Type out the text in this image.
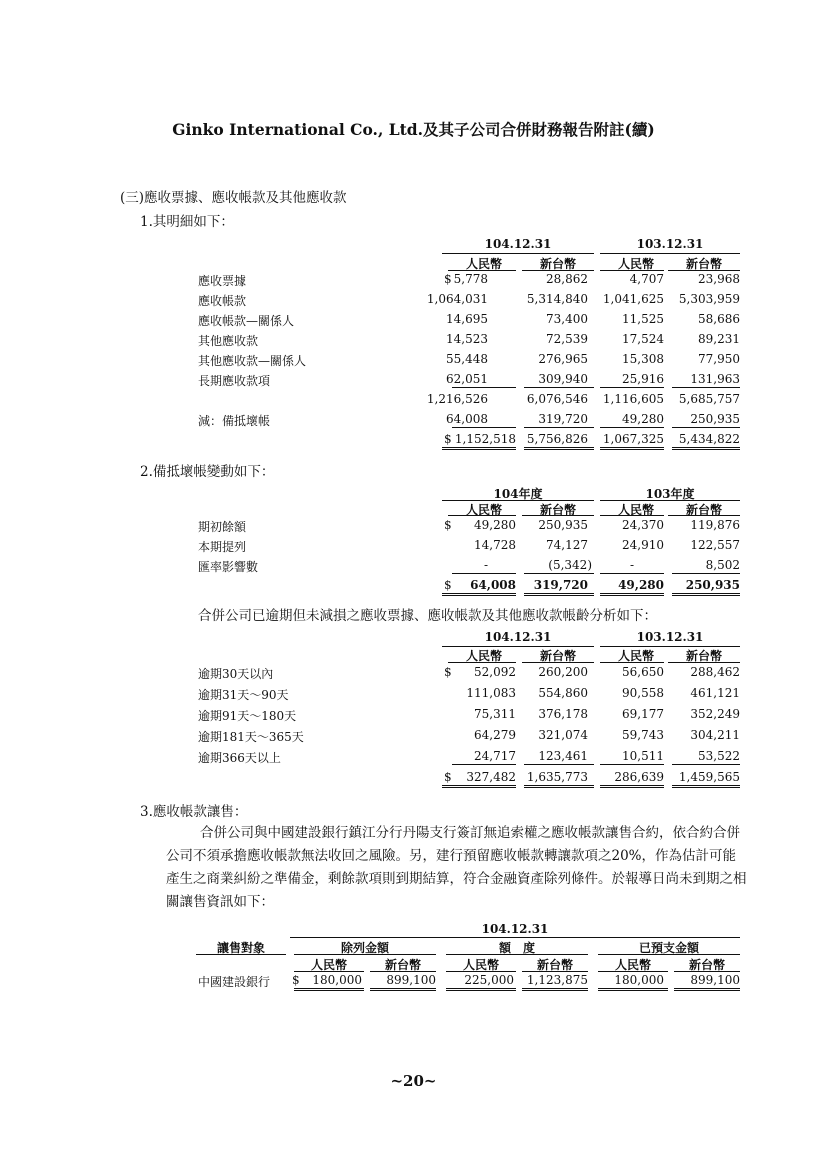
Ginko International Co., Ltd.及其子公司合併財務報告附註(續)
(三)應收票據、應收帳款及其他應收款
1.其明細如下：
104.12.31	103.12.31
人民幣	新台幣	人民幣	新台幣
$
應收票據	5,778	28,862	4,707	23,968
應收帳款	1,064,031	5,314,840	1,041,625	5,303,959
應收帳款—關係人	14,695	73,400	11,525	58,686
其他應收款	14,523	72,539	17,524	89,231
其他應收款—關係人	55,448	276,965	15,308	77,950
長期應收款項	62,051	309,940	25,916	131,963
1,216,526	6,076,546	1,116,605	5,685,757
減：備抵壞帳	64,008	319,720	49,280	250,935
$ 1,152,518 5,756,826	1,067,325	5,434,822
2.備抵壞帳變動如下：
104年度	103年度
人民幣	新台幣	人民幣	新台幣
$
期初餘額	49,280	250,935	24,370	119,876
本期提列	14,728	74,127	24,910	122,557
匯率影響數	-	(5,342)	-	8,502
$	64,008	319,720	49,280	250,935
合併公司已逾期但未減損之應收票據、應收帳款及其他應收款帳齡分析如下：
104.12.31	103.12.31
人民幣	新台幣	人民幣	新台幣
$
逾期30天以內	52,092	260,200	56,650	288,462
逾期31天～90天	111,083	554,860	90,558	461,121
逾期91天～180天	75,311	376,178	69,177	352,249
逾期181天～365天	64,279	321,074	59,743	304,211
逾期366天以上	24,717	123,461	10,511	53,522
$	327,482 1,635,773	286,639	1,459,565
3.應收帳款讓售：
合併公司與中國建設銀行鎮江分行丹陽支行簽訂無追索權之應收帳款讓售合約，依合約合併公司不須承擔應收帳款無法收回之風險。另，建行預留應收帳款轉讓款項之20%，作為估計可能產生之商業糾紛之準備金，剩餘款項則到期結算，符合金融資產除列條件。於報導日尚未到期之相關讓售資訊如下：
104.12.31
讓售對象	除列金額	額　度	已預支金額
人民幣	新台幣	人民幣	新台幣	人民幣	新台幣
中國建設銀行 $	180,000	899,100	225,000	1,123,875	180,000	899,100
~20~
